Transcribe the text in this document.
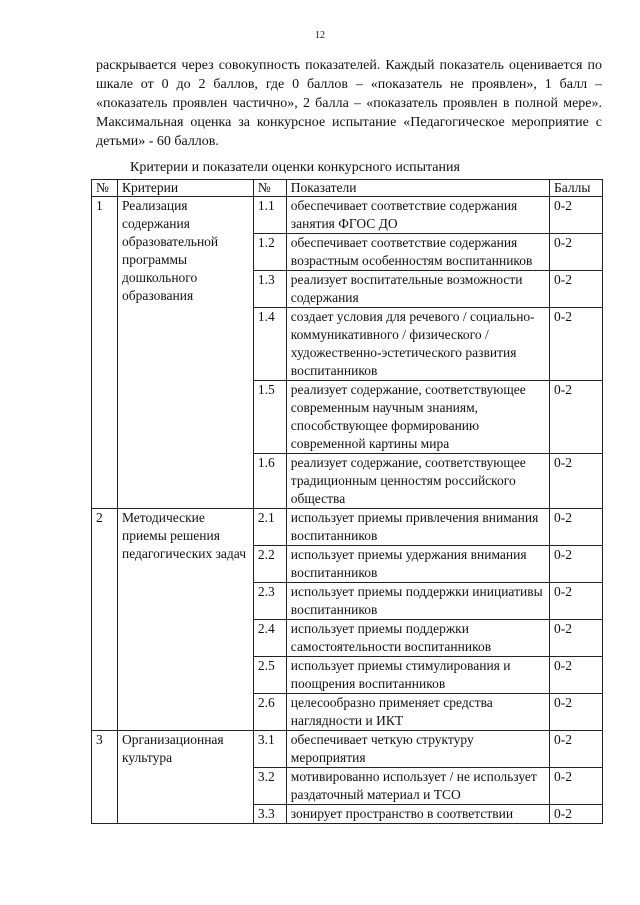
12

раскрывается через совокупность показателей. Каждый показатель оценивается по шкале от 0 до 2 баллов, где 0 баллов – «показатель не проявлен», 1 балл – «показатель проявлен частично», 2 балла – «показатель проявлен в полной мере». Максимальная оценка за конкурсное испытание «Педагогическое мероприятие с детьми» - 60 баллов.

Критерии и показатели оценки конкурсного испытания
№	Критерии	№	Показатели	Баллы
1	Реализация содержания образовательной программы дошкольного образования	1.1	обеспечивает соответствие содержания занятия ФГОС ДО	0-2
		1.2	обеспечивает соответствие содержания возрастным особенностям воспитанников	0-2
		1.3	реализует воспитательные возможности содержания	0-2
		1.4	создает условия для речевого / социально-коммуникативного / физического / художественно-эстетического развития воспитанников	0-2
		1.5	реализует содержание, соответствующее современным научным знаниям, способствующее формированию современной картины мира	0-2
		1.6	реализует содержание, соответствующее традиционным ценностям российского общества	0-2
2	Методические приемы решения педагогических задач	2.1	использует приемы привлечения внимания воспитанников	0-2
		2.2	использует приемы удержания внимания воспитанников	0-2
		2.3	использует приемы поддержки инициативы воспитанников	0-2
		2.4	использует приемы поддержки самостоятельности воспитанников	0-2
		2.5	использует приемы стимулирования и поощрения воспитанников	0-2
		2.6	целесообразно применяет средства наглядности и ИКТ	0-2
3	Организационная культура	3.1	обеспечивает четкую структуру мероприятия	0-2
		3.2	мотивированно использует / не использует раздаточный материал и ТСО	0-2
		3.3	зонирует пространство в соответствии	0-2
